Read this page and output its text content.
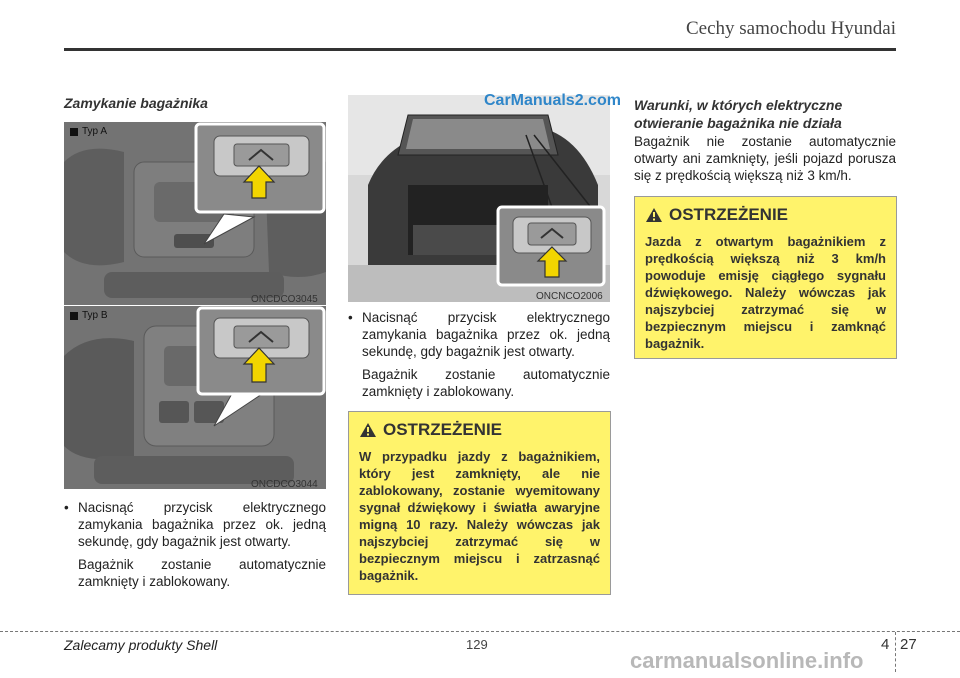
Cechy samochodu Hyundai
Zamykanie bagażnika
Typ A
ONCDCO3045
Typ B
ONCDCO3044
• Nacisnąć przycisk elektrycznego zamykania bagażnika przez ok. jedną sekundę, gdy bagażnik jest otwarty.
Bagażnik zostanie automatycznie zamknięty i zablokowany.
CarManuals2.com
ONCNCO2006
• Nacisnąć przycisk elektrycznego zamykania bagażnika przez ok. jedną sekundę, gdy bagażnik jest otwarty.
Bagażnik zostanie automatycznie zamknięty i zablokowany.
OSTRZEŻENIE
W przypadku jazdy z bagażnikiem, który jest zamknięty, ale nie zablokowany, zostanie wyemitowany sygnał dźwiękowy i światła awaryjne migną 10 razy. Należy wówczas jak najszybciej zatrzymać się w bezpiecznym miejscu i zatrzasnąć bagażnik.
Warunki, w których elektryczne otwieranie bagażnika nie działa
Bagażnik nie zostanie automatycznie otwarty ani zamknięty, jeśli pojazd porusza się z prędkością większą niż 3 km/h.
OSTRZEŻENIE
Jazda z otwartym bagażnikiem z prędkością większą niż 3 km/h powoduje emisję ciągłego sygnału dźwiękowego. Należy wówczas jak najszybciej zatrzymać się w bezpiecznym miejscu i zamknąć bagażnik.
Zalecamy produkty Shell	129	4 27
carmanualsonline.info
